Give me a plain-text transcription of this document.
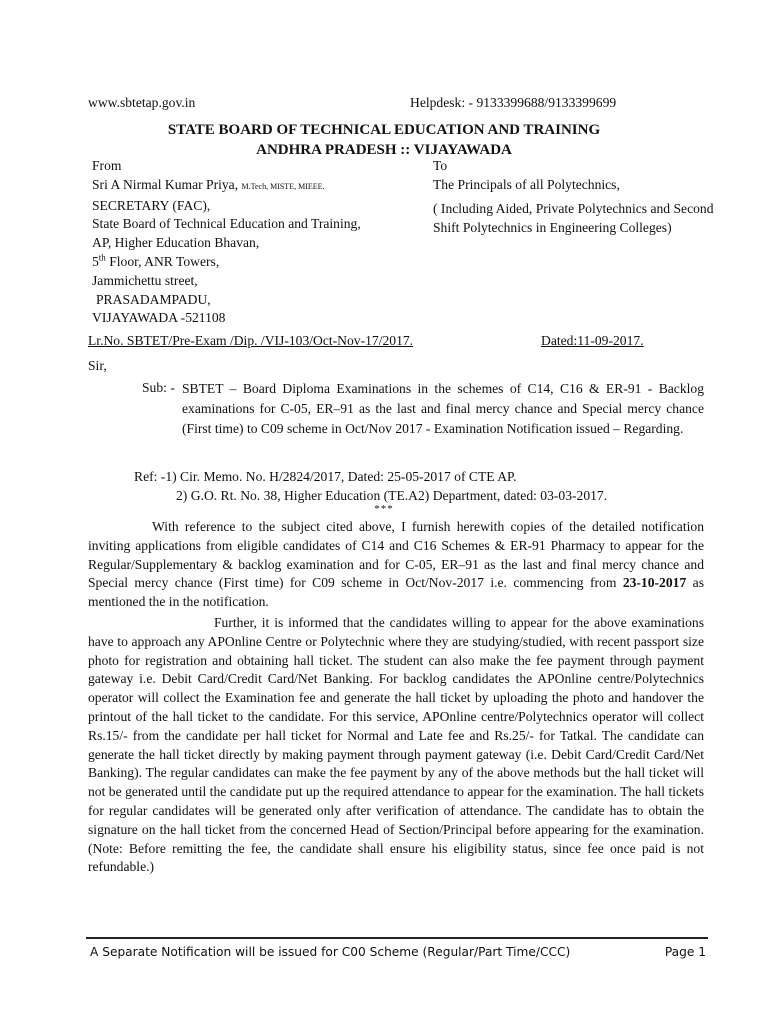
www.sbtetap.gov.in	Helpdesk: - 9133399688/9133399699
STATE BOARD OF TECHNICAL EDUCATION AND TRAINING
ANDHRA PRADESH :: VIJAYAWADA
From
Sri A Nirmal Kumar Priya, M.Tech, MISTE, MIEEE.
SECRETARY (FAC),
State Board of Technical Education and Training,
AP, Higher Education Bhavan,
5th Floor, ANR Towers,
Jammichettu street,
PRASADAMPADU,
VIJAYAWADA -521108
To
The Principals of all Polytechnics,
( Including Aided, Private Polytechnics and Second Shift Polytechnics in Engineering Colleges)
Lr.No. SBTET/Pre-Exam /Dip. /VIJ-103/Oct-Nov-17/2017.	Dated:11-09-2017.
Sir,
Sub: - SBTET – Board Diploma Examinations in the schemes of C14, C16 & ER-91 - Backlog examinations for C-05, ER–91 as the last and final mercy chance and Special mercy chance (First time) to C09 scheme in Oct/Nov 2017 - Examination Notification issued – Regarding.
Ref: -1) Cir. Memo. No. H/2824/2017, Dated: 25-05-2017 of CTE AP.
2) G.O. Rt. No. 38, Higher Education (TE.A2) Department, dated: 03-03-2017.
***
With reference to the subject cited above, I furnish herewith copies of the detailed notification inviting applications from eligible candidates of C14 and C16 Schemes & ER-91 Pharmacy to appear for the Regular/Supplementary & backlog examination and for C-05, ER–91 as the last and final mercy chance and Special mercy chance (First time) for C09 scheme in Oct/Nov-2017 i.e. commencing from 23-10-2017 as mentioned the in the notification.
Further, it is informed that the candidates willing to appear for the above examinations have to approach any APOnline Centre or Polytechnic where they are studying/studied, with recent passport size photo for registration and obtaining hall ticket. The student can also make the fee payment through payment gateway i.e. Debit Card/Credit Card/Net Banking. For backlog candidates the APOnline centre/Polytechnics operator will collect the Examination fee and generate the hall ticket by uploading the photo and handover the printout of the hall ticket to the candidate. For this service, APOnline centre/Polytechnics operator will collect Rs.15/- from the candidate per hall ticket for Normal and Late fee and Rs.25/- for Tatkal. The candidate can generate the hall ticket directly by making payment through payment gateway (i.e. Debit Card/Credit Card/Net Banking). The regular candidates can make the fee payment by any of the above methods but the hall ticket will not be generated until the candidate put up the required attendance to appear for the examination. The hall tickets for regular candidates will be generated only after verification of attendance. The candidate has to obtain the signature on the hall ticket from the concerned Head of Section/Principal before appearing for the examination. (Note: Before remitting the fee, the candidate shall ensure his eligibility status, since fee once paid is not refundable.)
A Separate Notification will be issued for C00 Scheme (Regular/Part Time/CCC)	Page 1
